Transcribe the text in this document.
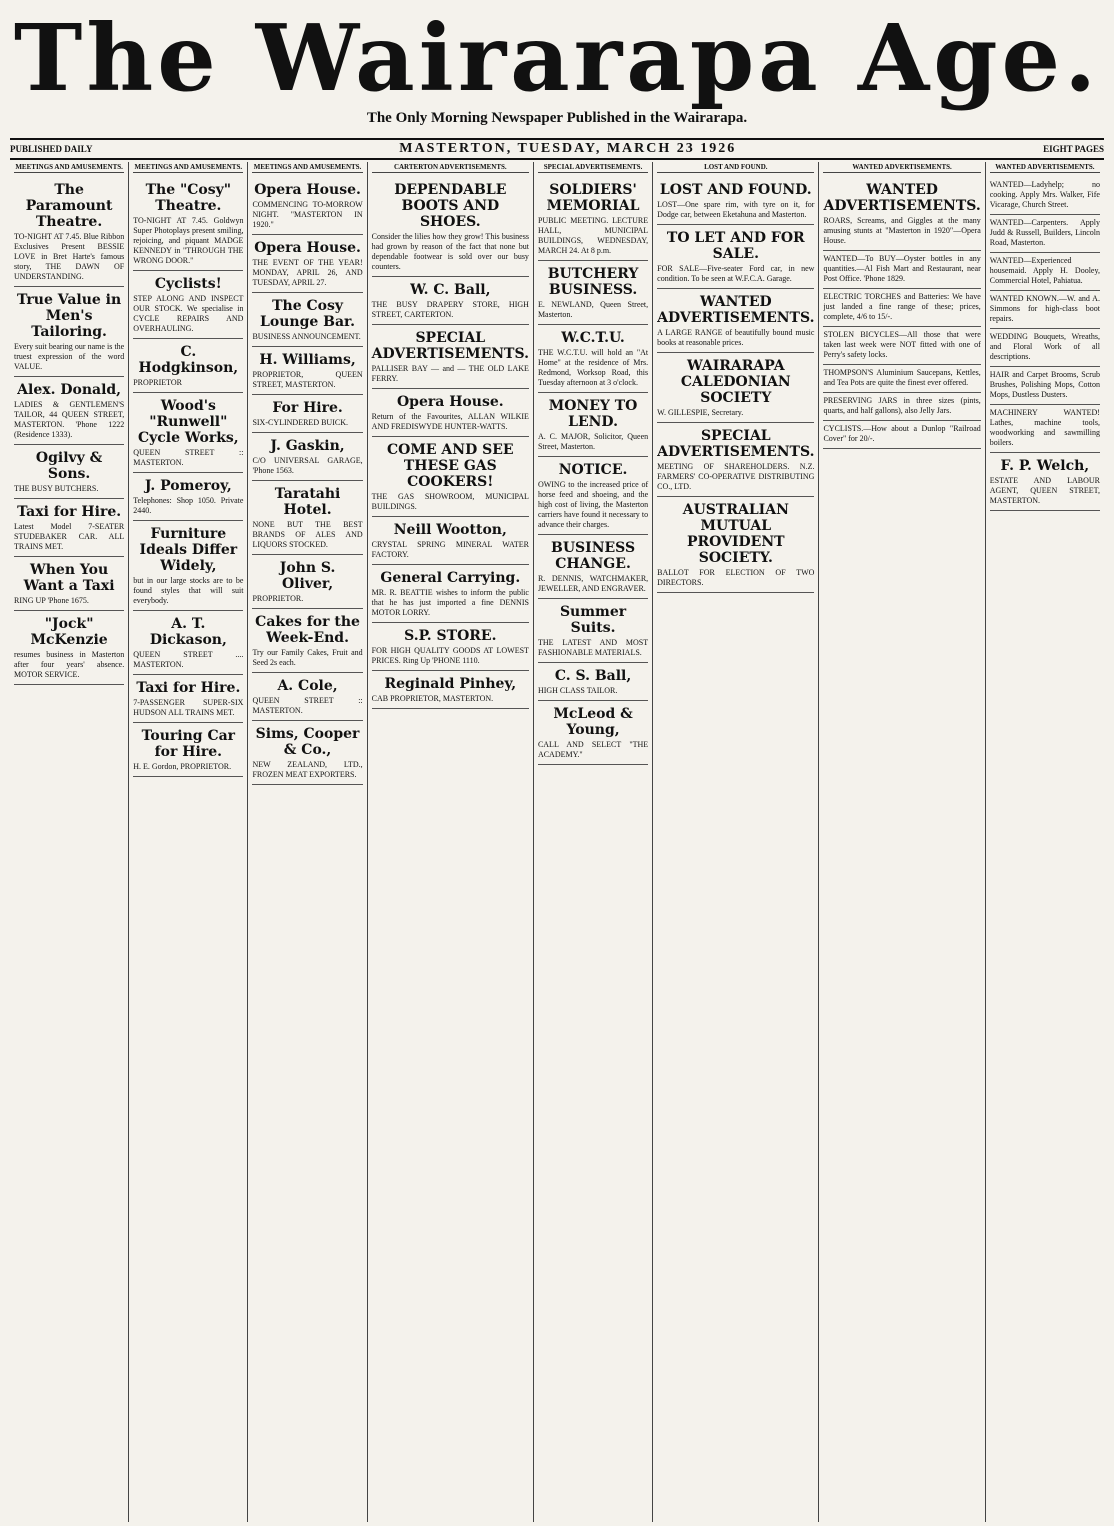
The Wairarapa Age.
The Only Morning Newspaper Published in the Wairarapa.
PUBLISHED DAILY	MASTERTON, TUESDAY, MARCH 23 1926	EIGHT PAGES
MEETINGS AND AMUSEMENTS.
The Paramount Theatre.

TO-NIGHT AT 7.45. Blue Ribbon Exclusives Present BESSIE LOVE in Bret Harte's famous story, THE DAWN OF UNDERSTANDING.

True Value in Men's Tailoring.

Every suit bearing our name is the truest expression of the word VALUE.

Alex. Donald,

LADIES & GENTLEMEN'S TAILOR, 44 QUEEN STREET, MASTERTON. 'Phone 1222 (Residence 1333).

Ogilvy & Sons.

THE BUSY BUTCHERS.

Taxi for Hire.

Latest Model 7-SEATER STUDEBAKER CAR. ALL TRAINS MET.

When You Want a Taxi

RING UP 'Phone 1675.

"Jock" McKenzie

resumes business in Masterton after four years' absence. MOTOR SERVICE.

MEETINGS AND AMUSEMENTS.
The "Cosy" Theatre.

TO-NIGHT AT 7.45. Goldwyn Super Photoplays present smiling, rejoicing, and piquant MADGE KENNEDY in "THROUGH THE WRONG DOOR."

Cyclists!

STEP ALONG AND INSPECT OUR STOCK. We specialise in CYCLE REPAIRS AND OVERHAULING.

C. Hodgkinson,

PROPRIETOR

Wood's "Runwell" Cycle Works,

QUEEN STREET :: MASTERTON.

J. Pomeroy,

Telephones: Shop 1050. Private 2440.

Furniture Ideals Differ Widely,

but in our large stocks are to be found styles that will suit everybody.

A. T. Dickason,

QUEEN STREET .... MASTERTON.

Taxi for Hire.

7-PASSENGER SUPER-SIX HUDSON ALL TRAINS MET.

Touring Car for Hire.

H. E. Gordon, PROPRIETOR.

MEETINGS AND AMUSEMENTS.
Opera House.

COMMENCING TO-MORROW NIGHT. "MASTERTON IN 1920."

Opera House.

THE EVENT OF THE YEAR! MONDAY, APRIL 26, AND TUESDAY, APRIL 27.

The Cosy Lounge Bar.

BUSINESS ANNOUNCEMENT.

H. Williams,

PROPRIETOR, QUEEN STREET, MASTERTON.

For Hire.

SIX-CYLINDERED BUICK.

J. Gaskin,

C/O UNIVERSAL GARAGE, 'Phone 1563.

Taratahi Hotel.

NONE BUT THE BEST BRANDS OF ALES AND LIQUORS STOCKED.

John S. Oliver,

PROPRIETOR.

Cakes for the Week-End.

Try our Family Cakes, Fruit and Seed 2s each.

A. Cole,

QUEEN STREET :: MASTERTON.

Sims, Cooper & Co.,

NEW ZEALAND, LTD., FROZEN MEAT EXPORTERS.

CARTERTON ADVERTISEMENTS.
DEPENDABLE BOOTS AND SHOES.

Consider the lilies how they grow! This business had grown by reason of the fact that none but dependable footwear is sold over our busy counters.

W. C. Ball,

THE BUSY DRAPERY STORE, HIGH STREET, CARTERTON.

SPECIAL ADVERTISEMENTS.

PALLISER BAY — and — THE OLD LAKE FERRY.

Opera House.

Return of the Favourites, ALLAN WILKIE AND FREDISWYDE HUNTER-WATTS.

COME AND SEE THESE GAS COOKERS!

THE GAS SHOWROOM, MUNICIPAL BUILDINGS.

Neill Wootton,

CRYSTAL SPRING MINERAL WATER FACTORY.

General Carrying.

MR. R. BEATTIE wishes to inform the public that he has just imported a fine DENNIS MOTOR LORRY.

S.P. STORE.

FOR HIGH QUALITY GOODS AT LOWEST PRICES. Ring Up 'PHONE 1110.

Reginald Pinhey,

CAB PROPRIETOR, MASTERTON.

SPECIAL ADVERTISEMENTS.
SOLDIERS' MEMORIAL

PUBLIC MEETING. LECTURE HALL, MUNICIPAL BUILDINGS, WEDNESDAY, MARCH 24. At 8 p.m.

BUTCHERY BUSINESS.

E. NEWLAND, Queen Street, Masterton.

W.C.T.U.

THE W.C.T.U. will hold an "At Home" at the residence of Mrs. Redmond, Worksop Road, this Tuesday afternoon at 3 o'clock.

MONEY TO LEND.

A. C. MAJOR, Solicitor, Queen Street, Masterton.

NOTICE.

OWING to the increased price of horse feed and shoeing, and the high cost of living, the Masterton carriers have found it necessary to advance their charges.

BUSINESS CHANGE.

R. DENNIS, WATCHMAKER, JEWELLER, AND ENGRAVER.

Summer Suits.

THE LATEST AND MOST FASHIONABLE MATERIALS.

C. S. Ball,

HIGH CLASS TAILOR.

McLeod & Young,

CALL AND SELECT "THE ACADEMY."

LOST AND FOUND.
LOST AND FOUND.

LOST—One spare rim, with tyre on it, for Dodge car, between Eketahuna and Masterton.

TO LET AND FOR SALE.

FOR SALE—Five-seater Ford car, in new condition. To be seen at W.F.C.A. Garage.

WANTED ADVERTISEMENTS.

A LARGE RANGE of beautifully bound music books at reasonable prices.

WAIRARAPA CALEDONIAN SOCIETY

W. GILLESPIE, Secretary.

SPECIAL ADVERTISEMENTS.

MEETING OF SHAREHOLDERS. N.Z. FARMERS' CO-OPERATIVE DISTRIBUTING CO., LTD.

AUSTRALIAN MUTUAL PROVIDENT SOCIETY.

BALLOT FOR ELECTION OF TWO DIRECTORS.

WANTED ADVERTISEMENTS.
WANTED ADVERTISEMENTS.

ROARS, Screams, and Giggles at the many amusing stunts at "Masterton in 1920"—Opera House.

WANTED—To BUY—Oyster bottles in any quantities.—Al Fish Mart and Restaurant, near Post Office. 'Phone 1829.

ELECTRIC TORCHES and Batteries: We have just landed a fine range of these; prices, complete, 4/6 to 15/-.

STOLEN BICYCLES—All those that were taken last week were NOT fitted with one of Perry's safety locks.

THOMPSON'S Aluminium Saucepans, Kettles, and Tea Pots are quite the finest ever offered.

PRESERVING JARS in three sizes (pints, quarts, and half gallons), also Jelly Jars.

CYCLISTS.—How about a Dunlop "Railroad Cover" for 20/-.

WANTED ADVERTISEMENTS.

WANTED—Ladyhelp; no cooking. Apply Mrs. Walker, Fife Vicarage, Church Street.

WANTED—Carpenters. Apply Judd & Russell, Builders, Lincoln Road, Masterton.

WANTED—Experienced housemaid. Apply H. Dooley, Commercial Hotel, Pahiatua.

WANTED KNOWN.—W. and A. Simmons for high-class boot repairs.

WEDDING Bouquets, Wreaths, and Floral Work of all descriptions.

HAIR and Carpet Brooms, Scrub Brushes, Polishing Mops, Cotton Mops, Dustless Dusters.

MACHINERY WANTED! Lathes, machine tools, woodworking and sawmilling boilers.

F. P. Welch,

ESTATE AND LABOUR AGENT, QUEEN STREET, MASTERTON.
